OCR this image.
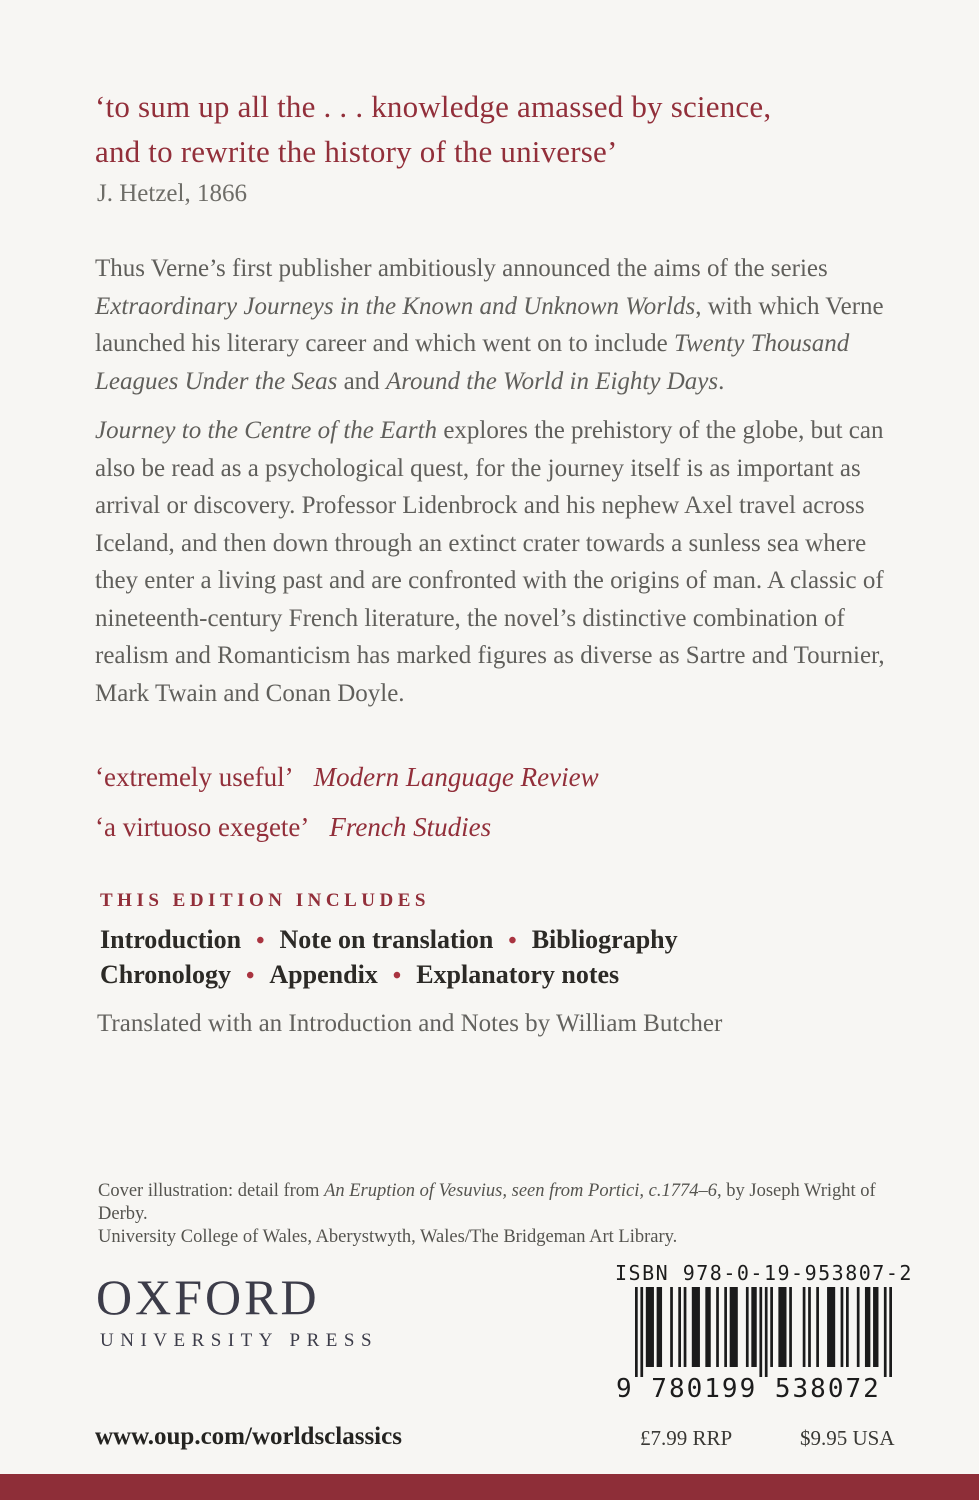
‘to sum up all the . . . knowledge amassed by science,
and to rewrite the history of the universe’
J. Hetzel, 1866
Thus Verne’s first publisher ambitiously announced the aims of the series Extraordinary Journeys in the Known and Unknown Worlds, with which Verne launched his literary career and which went on to include Twenty Thousand Leagues Under the Seas and Around the World in Eighty Days.
Journey to the Centre of the Earth explores the prehistory of the globe, but can also be read as a psychological quest, for the journey itself is as important as arrival or discovery. Professor Lidenbrock and his nephew Axel travel across Iceland, and then down through an extinct crater towards a sunless sea where they enter a living past and are confronted with the origins of man. A classic of nineteenth-century French literature, the novel’s distinctive combination of realism and Romanticism has marked figures as diverse as Sartre and Tournier, Mark Twain and Conan Doyle.
‘extremely useful’ Modern Language Review
‘a virtuoso exegete’ French Studies
THIS EDITION INCLUDES
Introduction • Note on translation • Bibliography
Chronology • Appendix • Explanatory notes
Translated with an Introduction and Notes by William Butcher
Cover illustration: detail from An Eruption of Vesuvius, seen from Portici, c.1774–6, by Joseph Wright of Derby.
University College of Wales, Aberystwyth, Wales/The Bridgeman Art Library.
OXFORD
UNIVERSITY PRESS
ISBN 978-0-19-953807-2
9 780199 538072
www.oup.com/worldsclassics	£7.99 RRP	$9.95 USA
